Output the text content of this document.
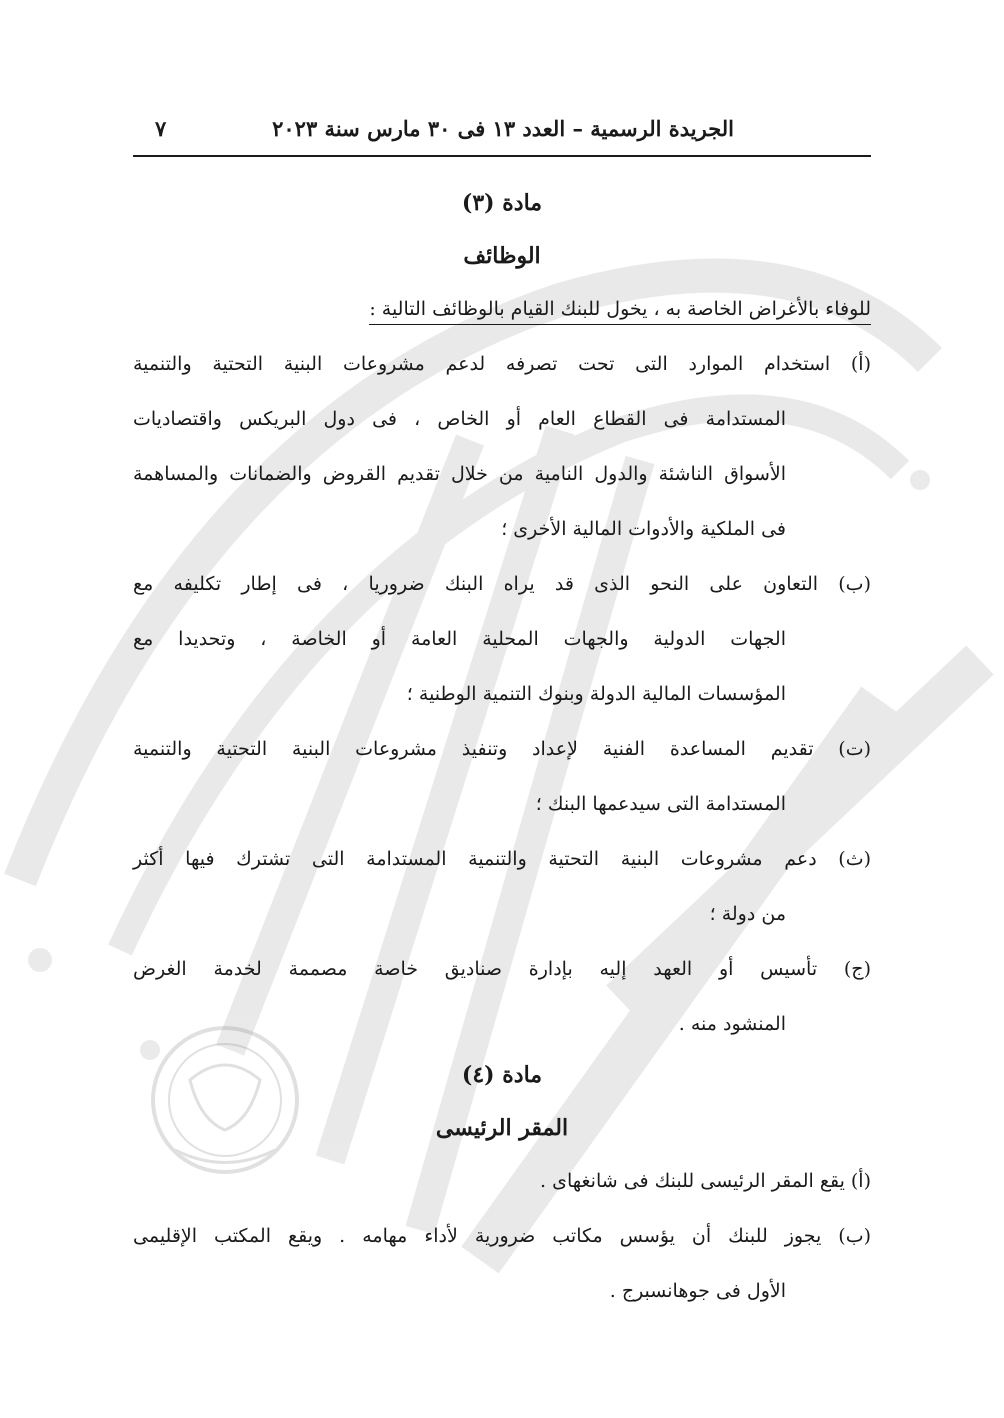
الجريدة الرسمية – العدد ١٣ فى ٣٠ مارس سنة ٢٠٢٣
٧
مادة (٣)
الوظائف
للوفاء بالأغراض الخاصة به ، يخول للبنك القيام بالوظائف التالية :
(أ) استخدام الموارد التى تحت تصرفه لدعم مشروعات البنية التحتية والتنمية
المستدامة فى القطاع العام أو الخاص ، فى دول البريكس واقتصاديات
الأسواق الناشئة والدول النامية من خلال تقديم القروض والضمانات والمساهمة
فى الملكية والأدوات المالية الأخرى ؛
(ب) التعاون على النحو الذى قد يراه البنك ضروريا ، فى إطار تكليفه مع
الجهات الدولية والجهات المحلية العامة أو الخاصة ، وتحديدا مع
المؤسسات المالية الدولة وبنوك التنمية الوطنية ؛
(ت) تقديم المساعدة الفنية لإعداد وتنفيذ مشروعات البنية التحتية والتنمية
المستدامة التى سيدعمها البنك ؛
(ث) دعم مشروعات البنية التحتية والتنمية المستدامة التى تشترك فيها أكثر
من دولة ؛
(ج) تأسيس أو العهد إليه بإدارة صناديق خاصة مصممة لخدمة الغرض
المنشود منه .
مادة (٤)
المقر الرئيسى
(أ) يقع المقر الرئيسى للبنك فى شانغهاى .
(ب) يجوز للبنك أن يؤسس مكاتب ضرورية لأداء مهامه . ويقع المكتب الإقليمى
الأول فى جوهانسبرج .
